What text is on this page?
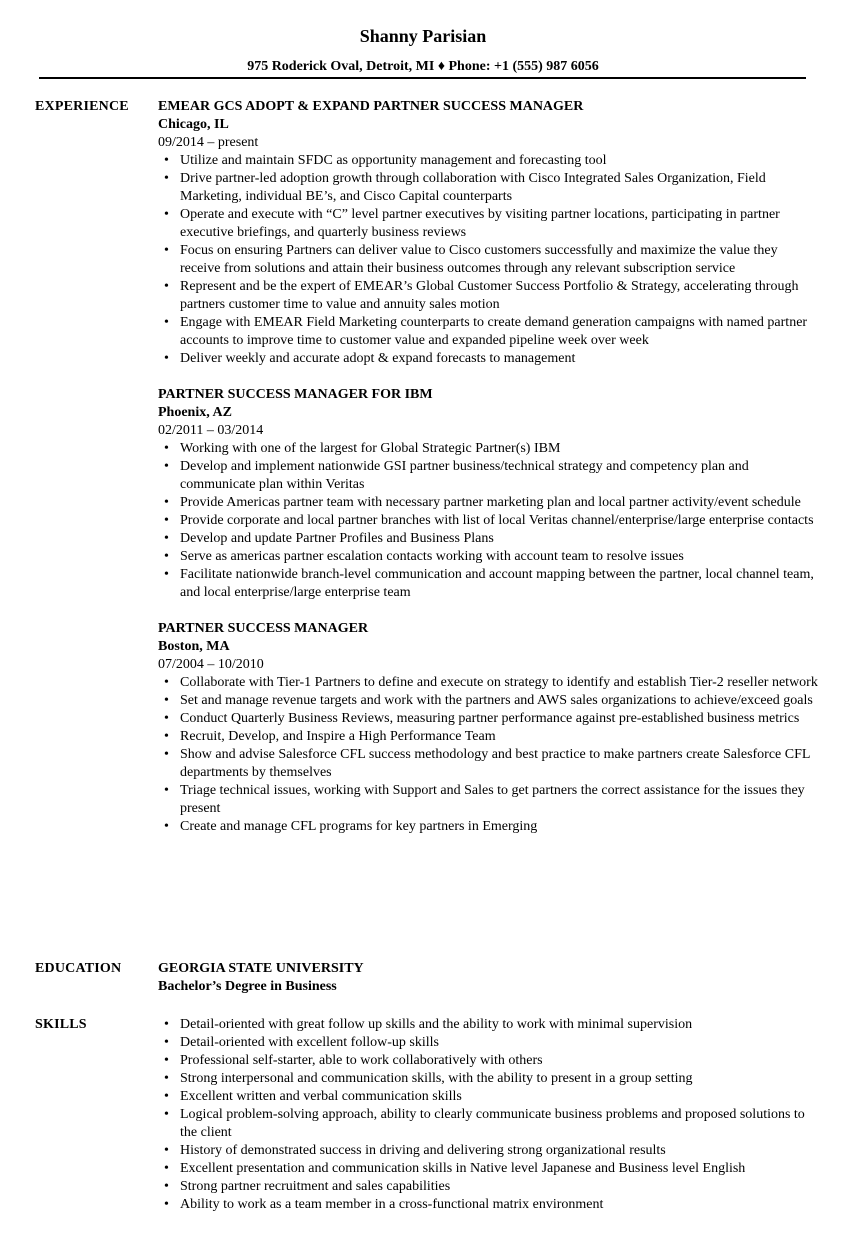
Shanny Parisian
975 Roderick Oval, Detroit, MI ♦ Phone: +1 (555) 987 6056
EXPERIENCE EMEAR GCS ADOPT & EXPAND PARTNER SUCCESS MANAGER
Chicago, IL
09/2014 – present
• Utilize and maintain SFDC as opportunity management and forecasting tool
• Drive partner-led adoption growth through collaboration with Cisco Integrated Sales Organization, Field Marketing, individual BE’s, and Cisco Capital counterparts
• Operate and execute with “C” level partner executives by visiting partner locations, participating in partner executive briefings, and quarterly business reviews
• Focus on ensuring Partners can deliver value to Cisco customers successfully and maximize the value they receive from solutions and attain their business outcomes through any relevant subscription service
• Represent and be the expert of EMEAR’s Global Customer Success Portfolio & Strategy, accelerating through partners customer time to value and annuity sales motion
• Engage with EMEAR Field Marketing counterparts to create demand generation campaigns with named partner accounts to improve time to customer value and expanded pipeline week over week
• Deliver weekly and accurate adopt & expand forecasts to management
PARTNER SUCCESS MANAGER FOR IBM
Phoenix, AZ
02/2011 – 03/2014
• Working with one of the largest for Global Strategic Partner(s) IBM
• Develop and implement nationwide GSI partner business/technical strategy and competency plan and communicate plan within Veritas
• Provide Americas partner team with necessary partner marketing plan and local partner activity/event schedule
• Provide corporate and local partner branches with list of local Veritas channel/enterprise/large enterprise contacts
• Develop and update Partner Profiles and Business Plans
• Serve as americas partner escalation contacts working with account team to resolve issues
• Facilitate nationwide branch-level communication and account mapping between the partner, local channel team, and local enterprise/large enterprise team
PARTNER SUCCESS MANAGER
Boston, MA
07/2004 – 10/2010
• Collaborate with Tier-1 Partners to define and execute on strategy to identify and establish Tier-2 reseller network
• Set and manage revenue targets and work with the partners and AWS sales organizations to achieve/exceed goals
• Conduct Quarterly Business Reviews, measuring partner performance against pre-established business metrics
• Recruit, Develop, and Inspire a High Performance Team
• Show and advise Salesforce CFL success methodology and best practice to make partners create Salesforce CFL departments by themselves
• Triage technical issues, working with Support and Sales to get partners the correct assistance for the issues they present
• Create and manage CFL programs for key partners in Emerging
EDUCATION	GEORGIA STATE UNIVERSITY
Bachelor’s Degree in Business
SKILLS
•	Detail-oriented with great follow up skills and the ability to work with minimal supervision
• Detail-oriented with excellent follow-up skills
• Professional self-starter, able to work collaboratively with others
• Strong interpersonal and communication skills, with the ability to present in a group setting
• Excellent written and verbal communication skills
• Logical problem-solving approach, ability to clearly communicate business problems and proposed solutions to the client
• History of demonstrated success in driving and delivering strong organizational results
• Excellent presentation and communication skills in Native level Japanese and Business level English
• Strong partner recruitment and sales capabilities
• Ability to work as a team member in a cross-functional matrix environment
